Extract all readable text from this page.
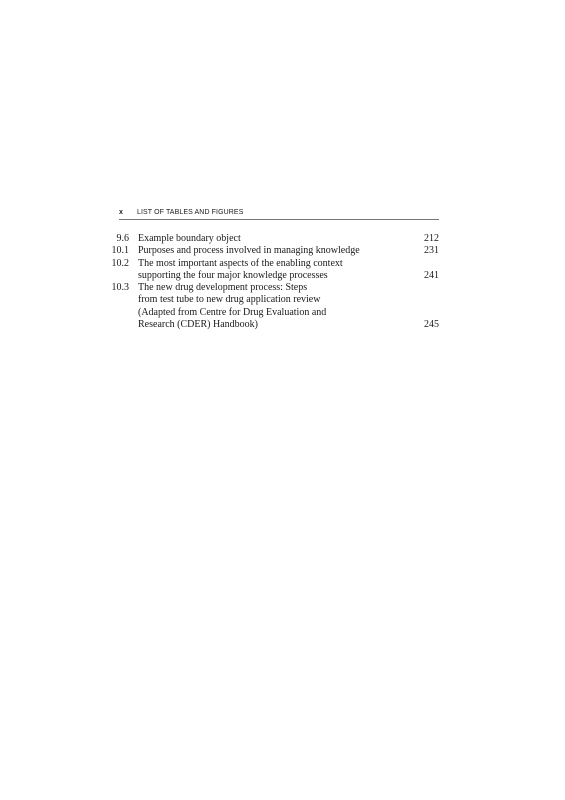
x LIST OF TABLES AND FIGURES
9.6 Example boundary object	212
10.1 Purposes and process involved in managing knowledge	231
10.2 The most important aspects of the enabling context
supporting the four major knowledge processes	241
10.3 The new drug development process: Steps
from test tube to new drug application review
(Adapted from Centre for Drug Evaluation and
Research (CDER) Handbook)	245
